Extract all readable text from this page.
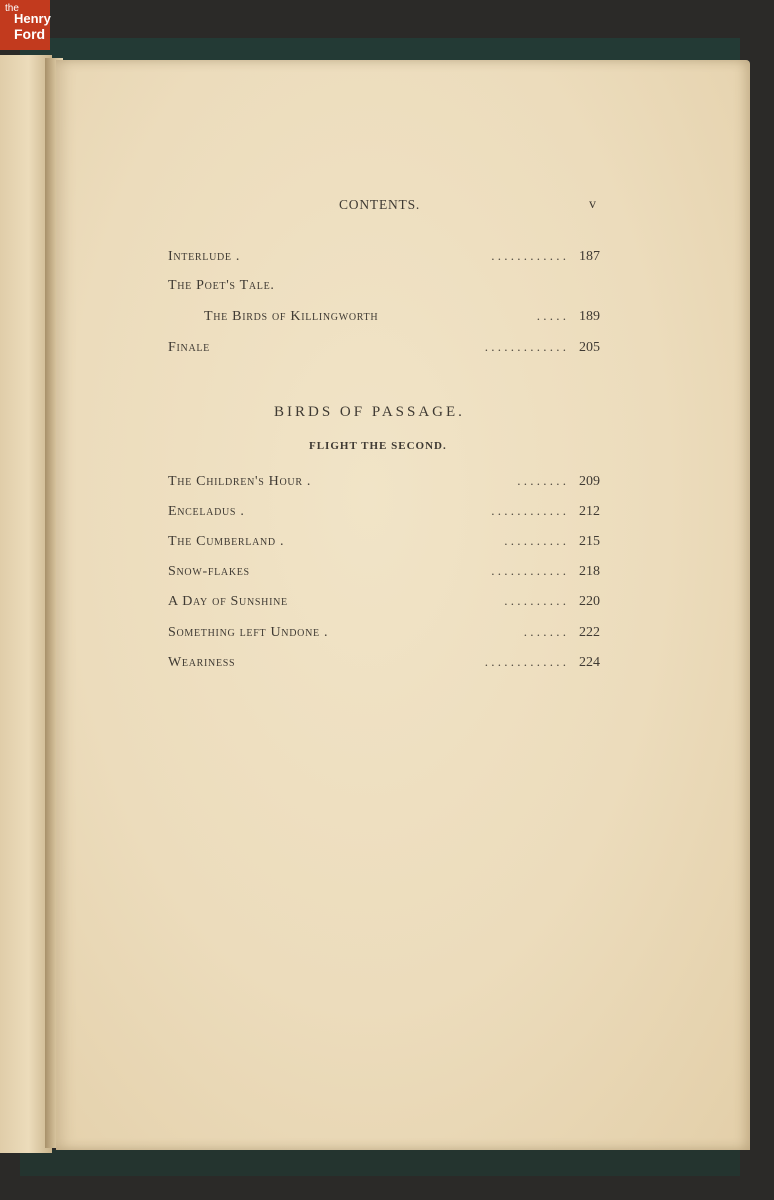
the
Henry
Ford
CONTENTS.	v
Interlude .	. . . . . . . . . . . . 187
The Poet's Tale.
The Birds of Killingworth	. . . . . 189
Finale	. . . . . . . . . . . . . 205
BIRDS OF PASSAGE.
FLIGHT THE SECOND.
The Children's Hour .	. . . . . . . . 209
Enceladus .	. . . . . . . . . . . . 212
The Cumberland .	. . . . . . . . . . 215
Snow-flakes	. . . . . . . . . . . . 218
A Day of Sunshine	. . . . . . . . . . 220
Something left Undone .	. . . . . . . 222
Weariness	. . . . . . . . . . . . . 224
